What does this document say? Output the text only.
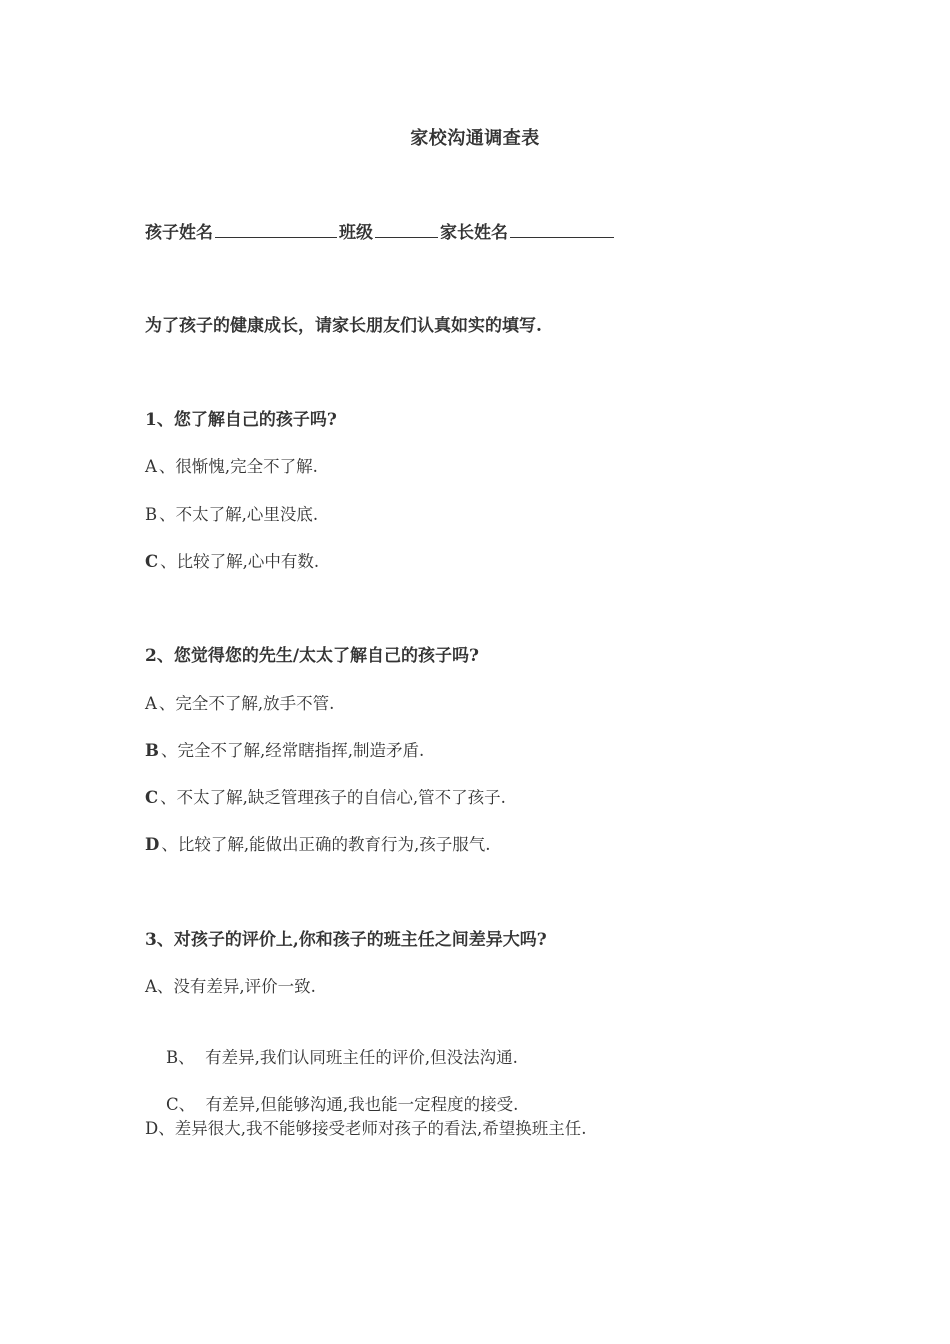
家校沟通调查表
孩子姓名	班级	家长姓名
为了孩子的健康成长，请家长朋友们认真如实的填写.
1、您了解自己的孩子吗?
A 、很惭愧,完全不了解.
B 、不太了解,心里没底.
C 、比较了解,心中有数.
2、您觉得您的先生/太太了解自己的孩子吗?
A 、完全不了解,放手不管.
B 、完全不了解,经常瞎指挥,制造矛盾.
C 、不太了解,缺乏管理孩子的自信心,管不了孩子.
D 、比较了解,能做出正确的教育行为,孩子服气.
3、对孩子的评价上,你和孩子的班主任之间差异大吗?
A、没有差异,评价一致.

B、  有差异,我们认同班主任的评价,但没法沟通.

C、  有差异,但能够沟通,我也能一定程度的接受.

D、差异很大,我不能够接受老师对孩子的看法,希望换班主任.
